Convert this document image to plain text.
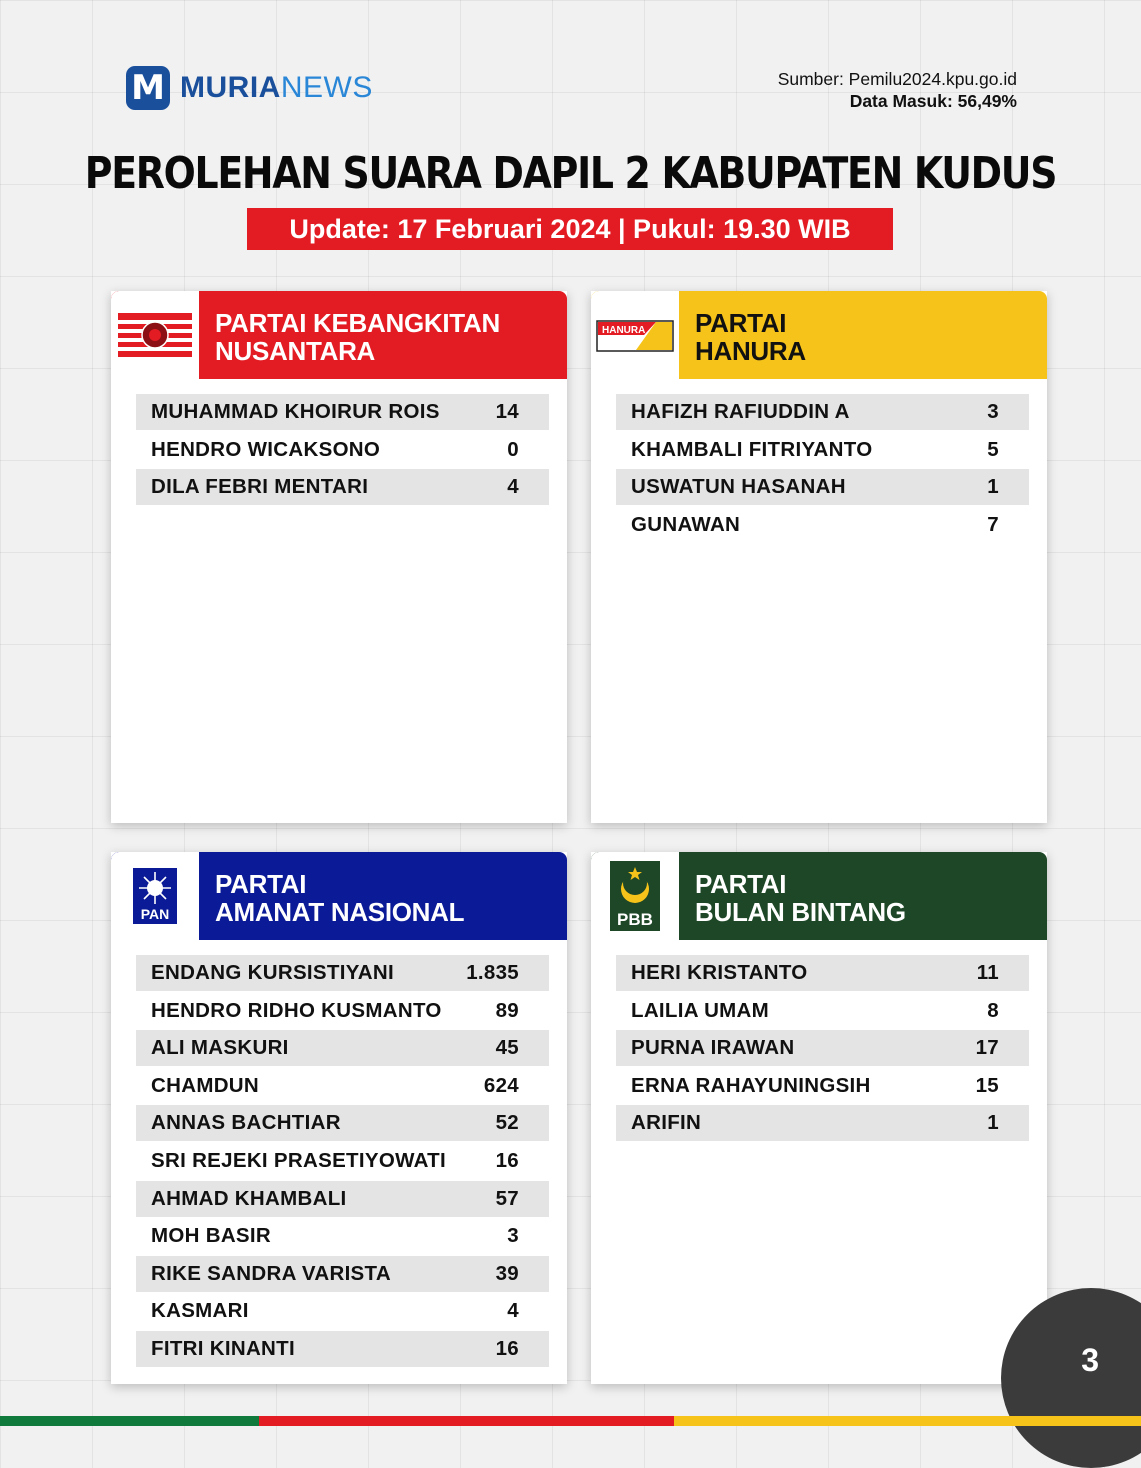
M MURIANEWS	Sumber: Pemilu2024.kpu.go.id
Data Masuk: 56,49%
PEROLEHAN SUARA DAPIL 2 KABUPATEN KUDUS
Update: 17 Februari 2024 | Pukul: 19.30 WIB
PARTAI KEBANGKITAN
NUSANTARA
MUHAMMAD KHOIRUR ROIS	14
HENDRO WICAKSONO	0
DILA FEBRI MENTARI	4
HANURA PARTAI
HANURA
HAFIZH RAFIUDDIN A	3
KHAMBALI FITRIYANTO	5
USWATUN HASANAH	1
GUNAWAN	7
PAN
PARTAI
AMANAT NASIONAL
ENDANG KURSISTIYANI	1.835
HENDRO RIDHO KUSMANTO	89
ALI MASKURI	45
CHAMDUN	624
ANNAS BACHTIAR	52
SRI REJEKI PRASETIYOWATI 16
AHMAD KHAMBALI	57
MOH BASIR	3
RIKE SANDRA VARISTA	39
KASMARI	4
FITRI KINANTI	16
PBB
PARTAI
BULAN BINTANG
HERI KRISTANTO	11
LAILIA UMAM	8
PURNA IRAWAN	17
ERNA RAHAYUNINGSIH	15
ARIFIN	1
3
